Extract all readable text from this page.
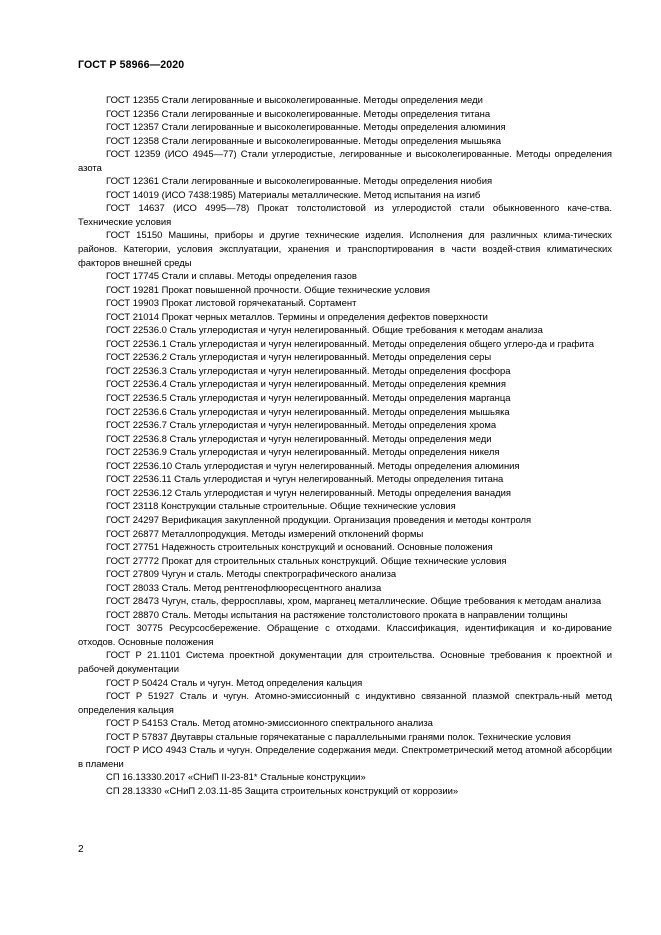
ГОСТ Р 58966—2020

ГОСТ 12355 Стали легированные и высоколегированные. Методы определения меди

ГОСТ 12356 Стали легированные и высоколегированные. Методы определения титана

ГОСТ 12357 Стали легированные и высоколегированные. Методы определения алюминия

ГОСТ 12358 Стали легированные и высоколегированные. Методы определения мышьяка

ГОСТ 12359 (ИСО 4945—77) Стали углеродистые, легированные и высоколегированные. Методы определения азота

ГОСТ 12361 Стали легированные и высоколегированные. Методы определения ниобия

ГОСТ 14019 (ИСО 7438:1985) Материалы металлические. Метод испытания на изгиб

ГОСТ 14637 (ИСО 4995—78) Прокат толстолистовой из углеродистой стали обыкновенного каче-ства. Технические условия

ГОСТ 15150 Машины, приборы и другие технические изделия. Исполнения для различных клима-тических районов. Категории, условия эксплуатации, хранения и транспортирования в части воздей-ствия климатических факторов внешней среды

ГОСТ 17745 Стали и сплавы. Методы определения газов

ГОСТ 19281 Прокат повышенной прочности. Общие технические условия

ГОСТ 19903 Прокат листовой горячекатаный. Сортамент

ГОСТ 21014 Прокат черных металлов. Термины и определения дефектов поверхности

ГОСТ 22536.0 Сталь углеродистая и чугун нелегированный. Общие требования к методам анализа

ГОСТ 22536.1 Сталь углеродистая и чугун нелегированный. Методы определения общего углеро-да и графита

ГОСТ 22536.2 Сталь углеродистая и чугун нелегированный. Методы определения серы

ГОСТ 22536.3 Сталь углеродистая и чугун нелегированный. Методы определения фосфора

ГОСТ 22536.4 Сталь углеродистая и чугун нелегированный. Методы определения кремния

ГОСТ 22536.5 Сталь углеродистая и чугун нелегированный. Методы определения марганца

ГОСТ 22536.6 Сталь углеродистая и чугун нелегированный. Методы определения мышьяка

ГОСТ 22536.7 Сталь углеродистая и чугун нелегированный. Методы определения хрома

ГОСТ 22536.8 Сталь углеродистая и чугун нелегированный. Методы определения меди

ГОСТ 22536.9 Сталь углеродистая и чугун нелегированный. Методы определения никеля

ГОСТ 22536.10 Сталь углеродистая и чугун нелегированный. Методы определения алюминия

ГОСТ 22536.11 Сталь углеродистая и чугун нелегированный. Методы определения титана

ГОСТ 22536.12 Сталь углеродистая и чугун нелегированный. Методы определения ванадия

ГОСТ 23118 Конструкции стальные строительные. Общие технические условия

ГОСТ 24297 Верификация закупленной продукции. Организация проведения и методы контроля

ГОСТ 26877 Металлопродукция. Методы измерений отклонений формы

ГОСТ 27751 Надежность строительных конструкций и оснований. Основные положения

ГОСТ 27772 Прокат для строительных стальных конструкций. Общие технические условия

ГОСТ 27809 Чугун и сталь. Методы спектрографического анализа

ГОСТ 28033 Сталь. Метод рентгенофлюоресцентного анализа

ГОСТ 28473 Чугун, сталь, ферросплавы, хром, марганец металлические. Общие требования к методам анализа

ГОСТ 28870 Сталь. Методы испытания на растяжение толстолистового проката в направлении толщины

ГОСТ 30775 Ресурсосбережение. Обращение с отходами. Классификация, идентификация и ко-дирование отходов. Основные положения

ГОСТ Р 21.1101 Система проектной документации для строительства. Основные требования к проектной и рабочей документации

ГОСТ Р 50424 Сталь и чугун. Метод определения кальция

ГОСТ Р 51927 Сталь и чугун. Атомно-эмиссионный с индуктивно связанной плазмой спектраль-ный метод определения кальция

ГОСТ Р 54153 Сталь. Метод атомно-эмиссионного спектрального анализа

ГОСТ Р 57837 Двутавры стальные горячекатаные с параллельными гранями полок. Технические условия

ГОСТ Р ИСО 4943 Сталь и чугун. Определение содержания меди. Спектрометрический метод атомной абсорбции в пламени

СП 16.13330.2017 «СНиП II-23-81* Стальные конструкции»

СП 28.13330 «СНиП 2.03.11-85 Защита строительных конструкций от коррозии»

2
